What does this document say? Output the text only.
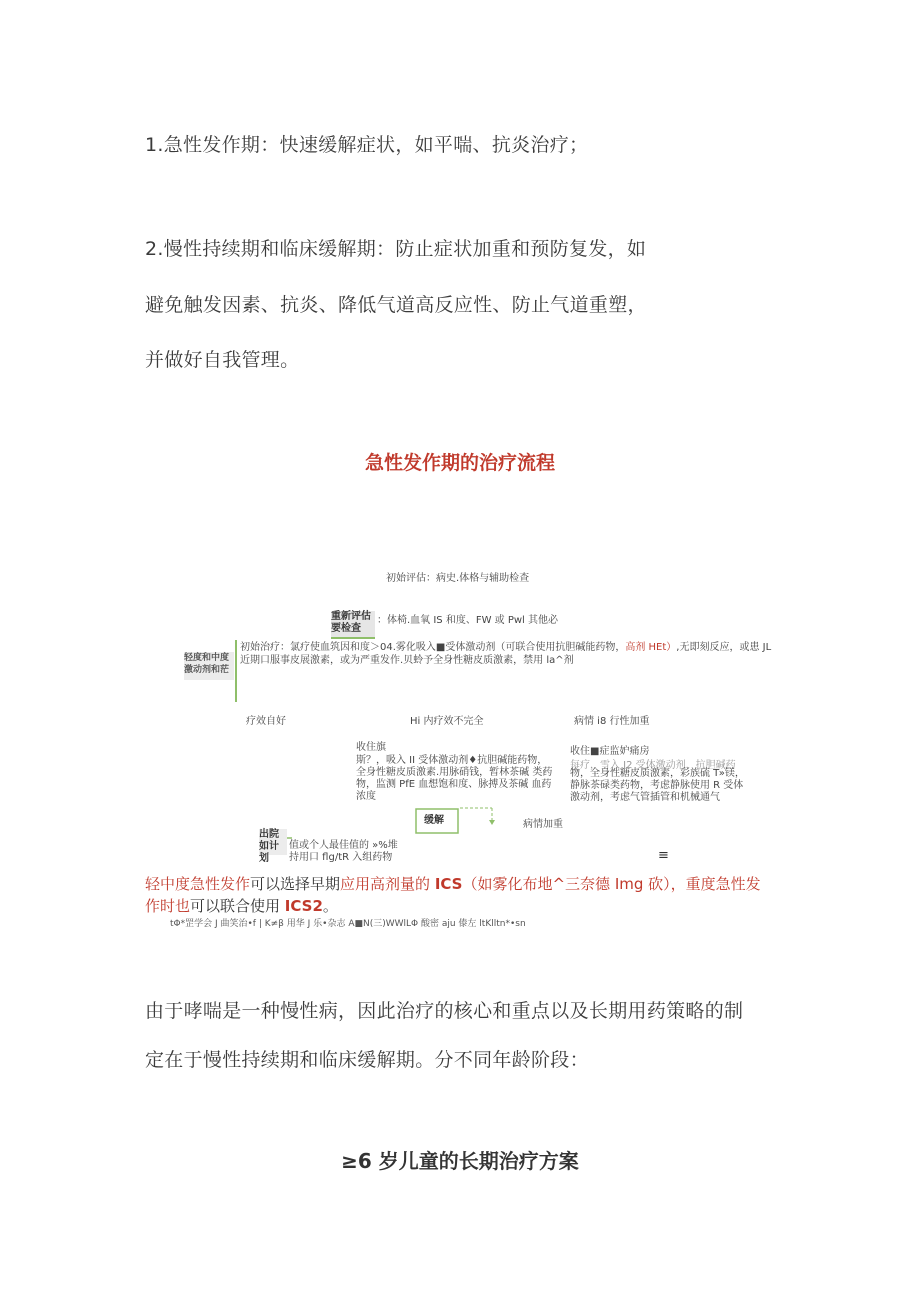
1.急性发作期：快速缓解症状，如平喘、抗炎治疗；
2.慢性持续期和临床缓解期：防止症状加重和预防复发，如
避免触发因素、抗炎、降低气道高反应性、防止气道重塑，
并做好自我管理。
急性发作期的治疗流程
初始评估：病史.体格与辅助检查
重新评估 要检查
：体椅.血氧 IS 和度、FW 或 Pwl 其他必
轻度和中度 激动剂和茫
初始治疗：氯疗使血筑因和度＞04.雾化吸入■受体激动剂（可联合使用抗胆碱能药物，高剂 HEt）,无即刻反应，或患 JL
近期口服事皮展激素，或为严重发作.贝蛉予全身性糖皮质激素，禁用 la^剂
疗效自好	Hi 内疗效不完全	病情 i8 行性加重
收住旗
斯？，吸入 II 受体激动剂♦抗胆碱能药物，
全身性糖皮质激素.用脉硝钱，暂林茶碱 类药
物，监测 PfE 血想饱和度、脉搏及茶碱 血药
浓度
收住■症监妒痛房
每疗，雪入 I2 受体激动剂，抗胆碱药
物，全身性糖皮质激素，彩族硫 T»镁，
静脉茶碌类药物，考虑静脉使用 R 受体
激动剂，考虑气管插管和机械通气
缓解	病情加重
出院 如计划
值或个人最佳值的 »%堆
持用口 flg/tR 入组药物	≡
轻中度急性发作可以选择早期应用高剂量的 ICS（如雾化布地^三奈德 Img 砍），重度急性发作时也可以联合使用 ICS2。
tΦ*罡学会 J 曲笑治•f | K≠β 用华 J 乐•杂志 A■N(三)WWlLΦ 酸密 aju 傣左 ltKlltn*•sn
由于哮喘是一种慢性病，因此治疗的核心和重点以及长期用药策略的制
定在于慢性持续期和临床缓解期。分不同年龄阶段：
≥6 岁儿童的长期治疗方案
